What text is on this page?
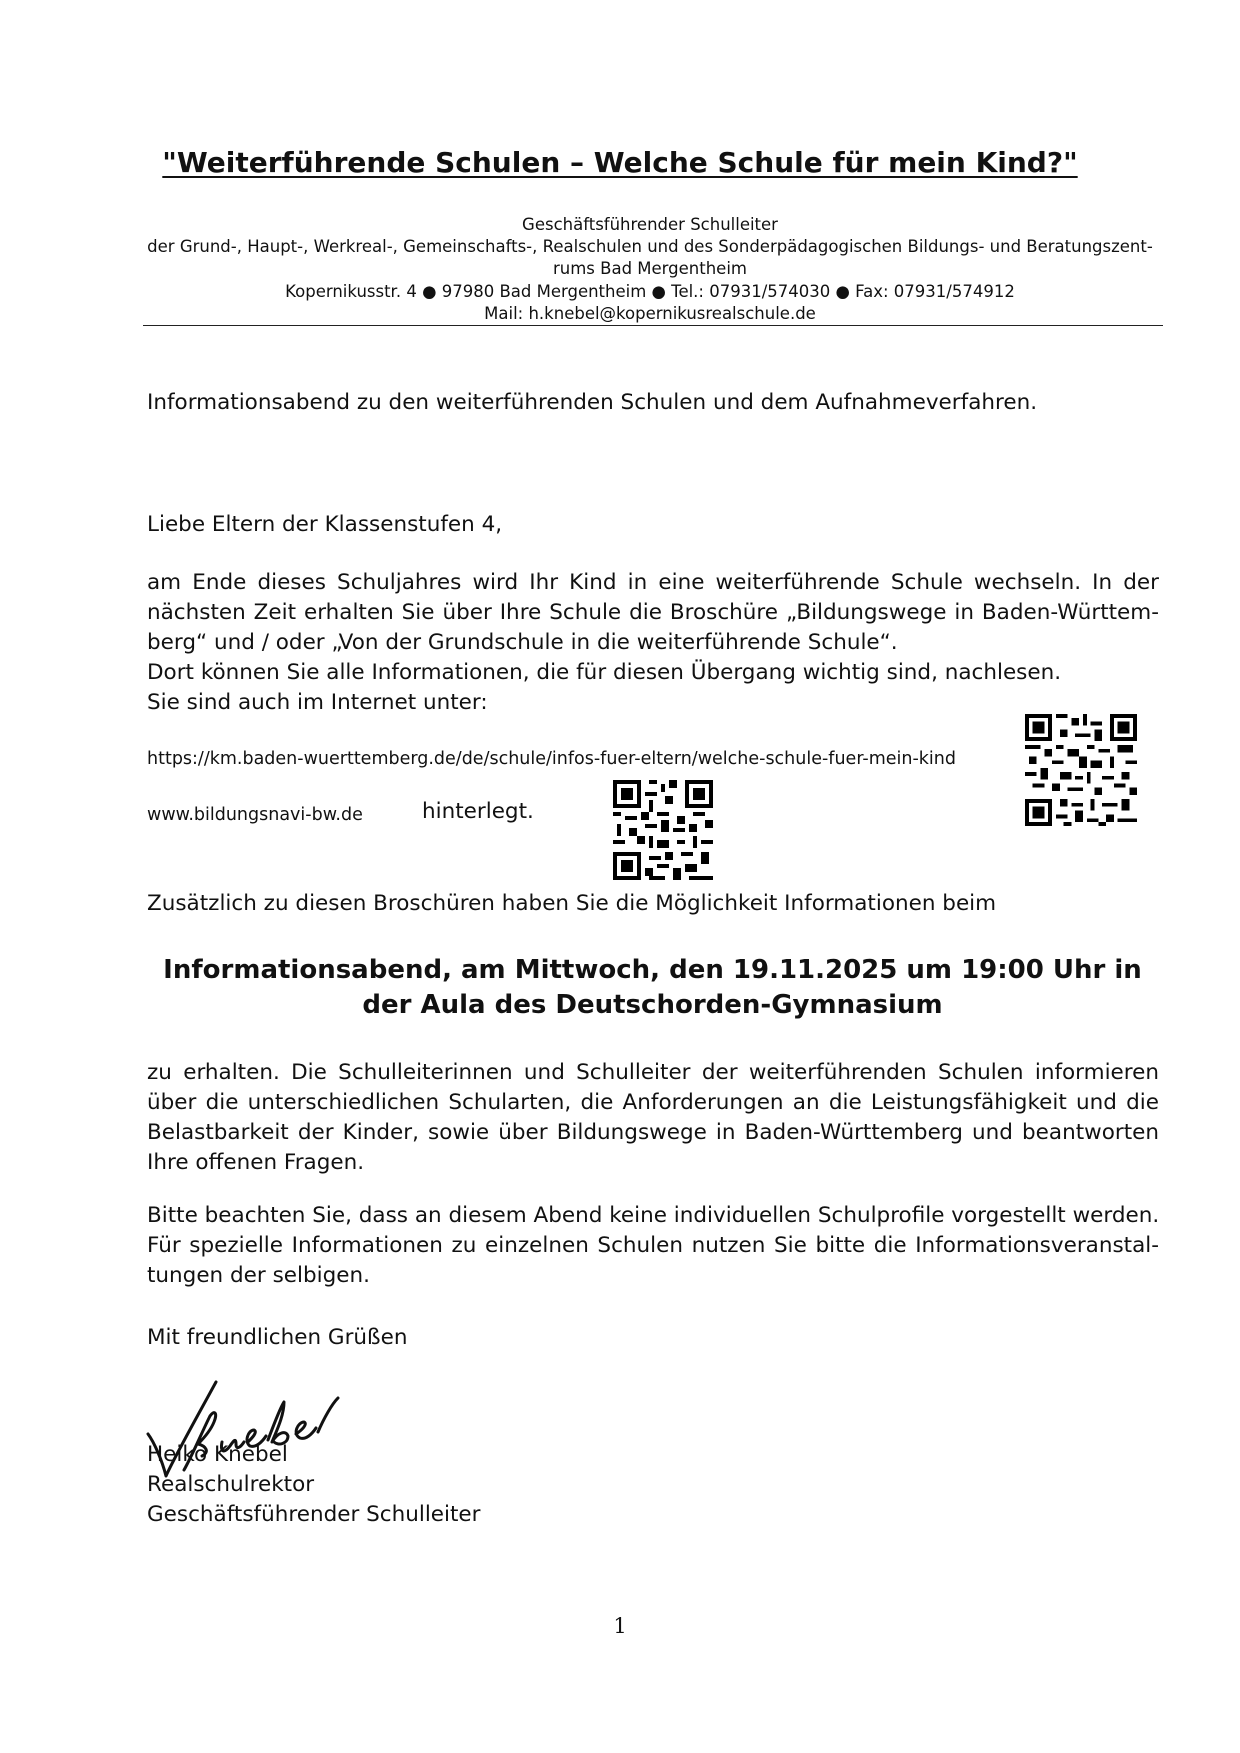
"Weiterführende Schulen – Welche Schule für mein Kind?"
Geschäftsführender Schulleiter
der Grund-, Haupt-, Werkreal-, Gemeinschafts-, Realschulen und des Sonderpädagogischen Bildungs- und Beratungszent-
rums Bad Mergentheim
Kopernikusstr. 4 ● 97980 Bad Mergentheim ● Tel.: 07931/574030 ● Fax: 07931/574912
Mail: h.knebel@kopernikusrealschule.de
Informationsabend zu den weiterführenden Schulen und dem Aufnahmeverfahren.
Liebe Eltern der Klassenstufen 4,
am Ende dieses Schuljahres wird Ihr Kind in eine weiterführende Schule wechseln. In der
nächsten Zeit erhalten Sie über Ihre Schule die Broschüre „Bildungswege in Baden-Württem-
berg“ und / oder „Von der Grundschule in die weiterführende Schule“.
Dort können Sie alle Informationen, die für diesen Übergang wichtig sind, nachlesen.
Sie sind auch im Internet unter:
https://km.baden-wuerttemberg.de/de/schule/infos-fuer-eltern/welche-schule-fuer-mein-kind
www.bildungsnavi-bw.de	hinterlegt.
Zusätzlich zu diesen Broschüren haben Sie die Möglichkeit Informationen beim
Informationsabend, am Mittwoch, den 19.11.2025 um 19:00 Uhr in
der Aula des Deutschorden-Gymnasium
zu erhalten. Die Schulleiterinnen und Schulleiter der weiterführenden Schulen informieren
über die unterschiedlichen Schularten, die Anforderungen an die Leistungsfähigkeit und die
Belastbarkeit der Kinder, sowie über Bildungswege in Baden-Württemberg und beantworten
Ihre offenen Fragen.
Bitte beachten Sie, dass an diesem Abend keine individuellen Schulprofile vorgestellt werden.
Für spezielle Informationen zu einzelnen Schulen nutzen Sie bitte die Informationsveranstal-
tungen der selbigen.
Mit freundlichen Grüßen
Heiko Knebel
Realschulrektor
Geschäftsführender Schulleiter
1
